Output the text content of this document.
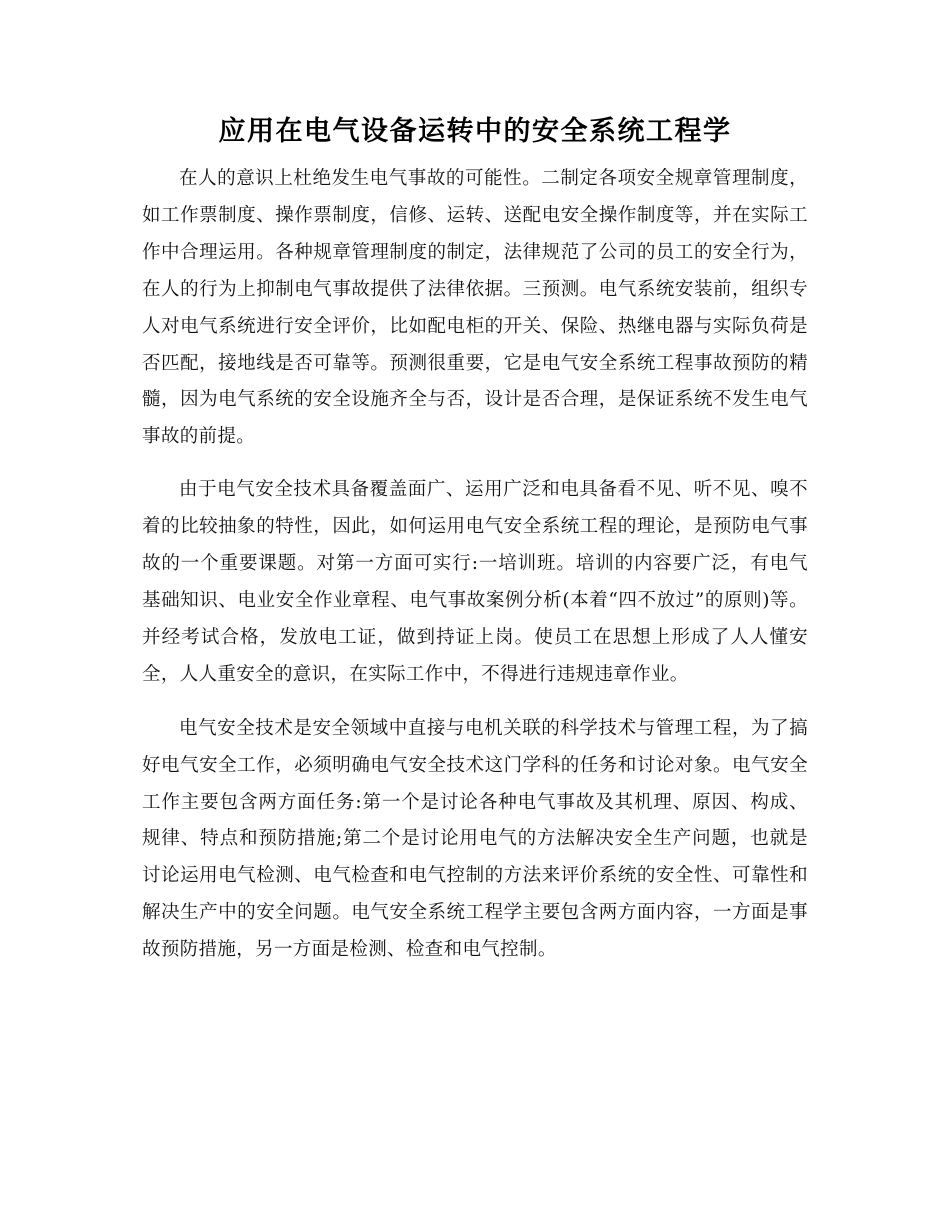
应用在电气设备运转中的安全系统工程学

在人的意识上杜绝发生电气事故的可能性。二制定各项安全规章管理制度，如工作票制度、操作票制度，信修、运转、送配电安全操作制度等，并在实际工作中合理运用。各种规章管理制度的制定，法律规范了公司的员工的安全行为，在人的行为上抑制电气事故提供了法律依据。三预测。电气系统安装前，组织专人对电气系统进行安全评价，比如配电柜的开关、保险、热继电器与实际负荷是否匹配，接地线是否可靠等。预测很重要，它是电气安全系统工程事故预防的精髓，因为电气系统的安全设施齐全与否，设计是否合理，是保证系统不发生电气事故的前提。

由于电气安全技术具备覆盖面广、运用广泛和电具备看不见、听不见、嗅不着的比较抽象的特性，因此，如何运用电气安全系统工程的理论，是预防电气事故的一个重要课题。对第一方面可实行:一培训班。培训的内容要广泛，有电气基础知识、电业安全作业章程、电气事故案例分析(本着“四不放过”的原则)等。并经考试合格，发放电工证，做到持证上岗。使员工在思想上形成了人人懂安全，人人重安全的意识，在实际工作中，不得进行违规违章作业。

电气安全技术是安全领域中直接与电机关联的科学技术与管理工程，为了搞好电气安全工作，必须明确电气安全技术这门学科的任务和讨论对象。电气安全工作主要包含两方面任务:第一个是讨论各种电气事故及其机理、原因、构成、规律、特点和预防措施;第二个是讨论用电气的方法解决安全生产问题，也就是讨论运用电气检测、电气检查和电气控制的方法来评价系统的安全性、可靠性和解决生产中的安全问题。电气安全系统工程学主要包含两方面内容，一方面是事故预防措施，另一方面是检测、检查和电气控制。
